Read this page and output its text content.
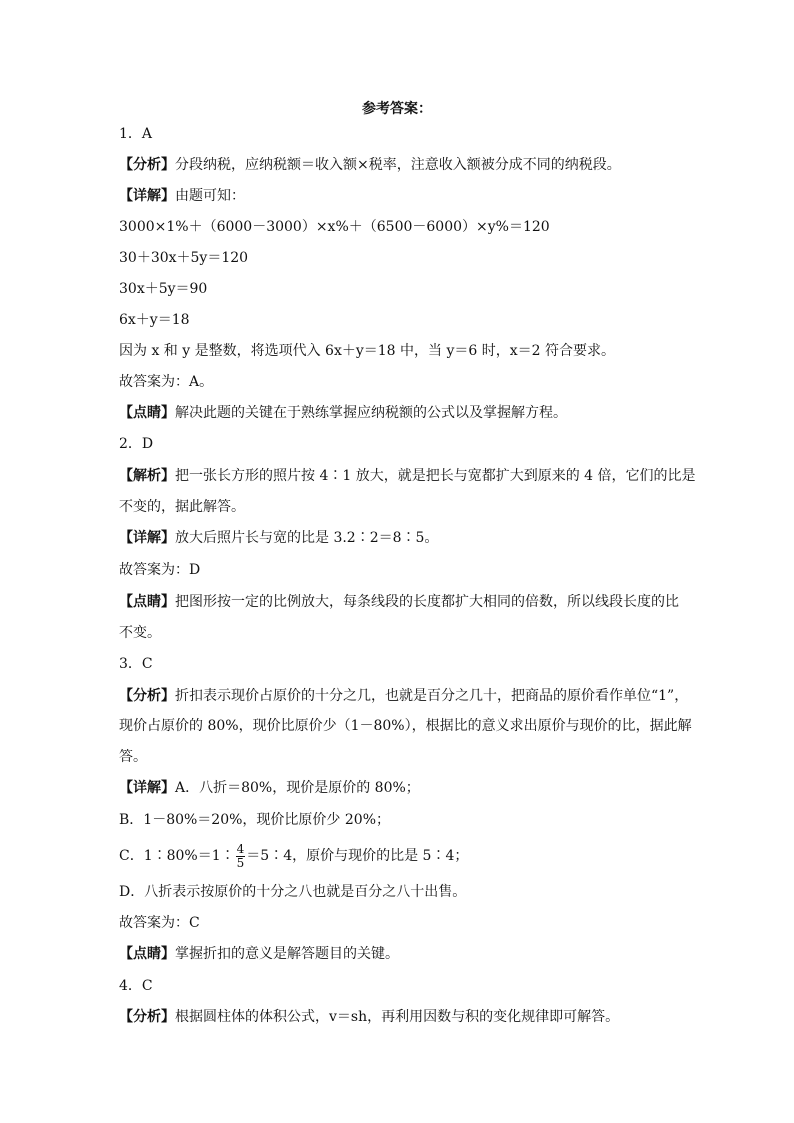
参考答案：
1．A
【分析】分段纳税，应纳税额＝收入额×税率，注意收入额被分成不同的纳税段。
【详解】由题可知：
3000×1%＋（6000－3000）×x%＋（6500－6000）×y%＝120
30＋30x＋5y＝120
30x＋5y＝90
6x＋y＝18
因为 x 和 y 是整数，将选项代入 6x＋y＝18 中，当 y＝6 时，x＝2 符合要求。
故答案为：A。
【点睛】解决此题的关键在于熟练掌握应纳税额的公式以及掌握解方程。
2．D
【解析】把一张长方形的照片按 4∶1 放大，就是把长与宽都扩大到原来的 4 倍，它们的比是
不变的，据此解答。
【详解】放大后照片长与宽的比是 3.2∶2＝8∶5。
故答案为：D
【点睛】把图形按一定的比例放大，每条线段的长度都扩大相同的倍数，所以线段长度的比
不变。
3．C
【分析】折扣表示现价占原价的十分之几，也就是百分之几十，把商品的原价看作单位“1”，
现价占原价的 80%，现价比原价少（1－80%），根据比的意义求出原价与现价的比，据此解
答。
【详解】A．八折＝80%，现价是原价的 80%；
B．1－80%＝20%，现价比原价少 20%；
C．1∶80%＝1∶ $\frac{4}{5}$ ＝5∶4，原价与现价的比是 5∶4；
D．八折表示按原价的十分之八也就是百分之八十出售。
故答案为：C
【点睛】掌握折扣的意义是解答题目的关键。
4．C
【分析】根据圆柱体的体积公式，v＝sh，再利用因数与积的变化规律即可解答。
